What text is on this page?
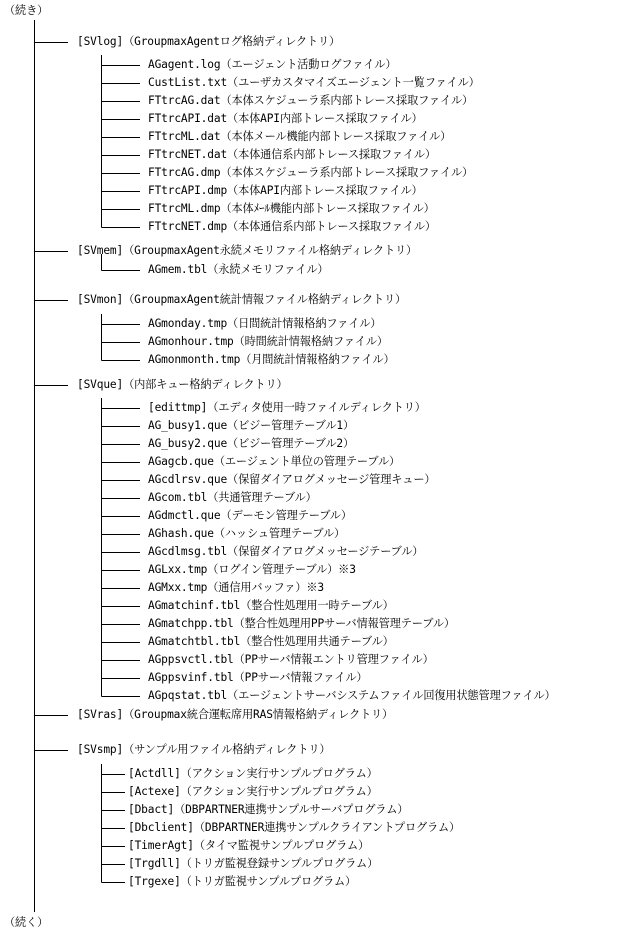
（続き）
[SVlog]（GroupmaxAgentログ格納ディレクトリ）
[SVmem]（GroupmaxAgent永続メモリファイル格納ディレクトリ）
[SVmon]（GroupmaxAgent統計情報ファイル格納ディレクトリ）
[SVque]（内部キュー格納ディレクトリ）
[SVras]（Groupmax統合運転席用RAS情報格納ディレクトリ）
[SVsmp]（サンプル用ファイル格納ディレクトリ）
AGagent.log（エージェント活動ログファイル）
CustList.txt（ユーザカスタマイズエージェント一覧ファイル）
FTtrcAG.dat（本体スケジューラ系内部トレース採取ファイル）
FTtrcAPI.dat（本体API内部トレース採取ファイル）
FTtrcML.dat（本体メール機能内部トレース採取ファイル）
FTtrcNET.dat（本体通信系内部トレース採取ファイル）
FTtrcAG.dmp（本体スケジューラ系内部トレース採取ファイル）
FTtrcAPI.dmp（本体API内部トレース採取ファイル）
FTtrcML.dmp（本体ﾒｰﾙ機能内部トレース採取ファイル）
FTtrcNET.dmp（本体通信系内部トレース採取ファイル）
AGmem.tbl（永続メモリファイル）
AGmonday.tmp（日間統計情報格納ファイル）
AGmonhour.tmp（時間統計情報格納ファイル）
AGmonmonth.tmp（月間統計情報格納ファイル）
[edittmp]（エディタ使用一時ファイルディレクトリ）
AG_busy1.que（ビジー管理テーブル1）
AG_busy2.que（ビジー管理テーブル2）
AGagcb.que（エージェント単位の管理テーブル）
AGcdlrsv.que（保留ダイアログメッセージ管理キュー）
AGcom.tbl（共通管理テーブル）
AGdmctl.que（デーモン管理テーブル）
AGhash.que（ハッシュ管理テーブル）
AGcdlmsg.tbl（保留ダイアログメッセージテーブル）
AGLxx.tmp（ログイン管理テーブル）※3
AGMxx.tmp（通信用バッファ）※3
AGmatchinf.tbl（整合性処理用一時テーブル）
AGmatchpp.tbl（整合性処理用PPサーバ情報管理テーブル）
AGmatchtbl.tbl（整合性処理用共通テーブル）
AGppsvctl.tbl（PPサーバ情報エントリ管理ファイル）
AGppsvinf.tbl（PPサーバ情報ファイル）
AGpqstat.tbl（エージェントサーバシステムファイル回復用状態管理ファイル）
[Actdll]（アクション実行サンプルプログラム）
[Actexe]（アクション実行サンプルプログラム）
[Dbact]（DBPARTNER連携サンプルサーバプログラム）
[Dbclient]（DBPARTNER連携サンプルクライアントプログラム）
[TimerAgt]（タイマ監視サンプルプログラム）
[Trgdll]（トリガ監視登録サンプルプログラム）
[Trgexe]（トリガ監視サンプルプログラム）
（続く）
